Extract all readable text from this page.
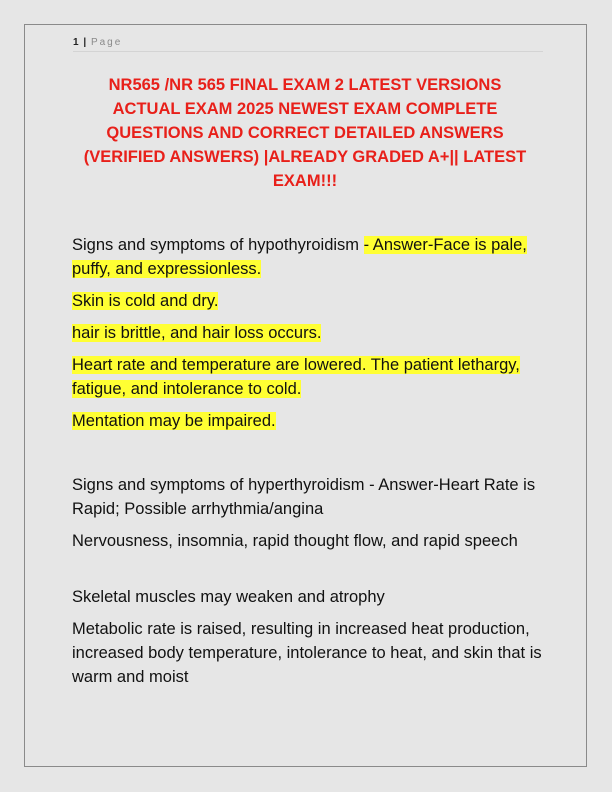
1 | Page
NR565 /NR 565 FINAL EXAM 2 LATEST VERSIONS ACTUAL EXAM 2025 NEWEST EXAM COMPLETE QUESTIONS AND CORRECT DETAILED ANSWERS (VERIFIED ANSWERS) |ALREADY GRADED A+|| LATEST EXAM!!!

Signs and symptoms of hypothyroidism - Answer-Face is pale, puffy, and expressionless.

Skin is cold and dry.

hair is brittle, and hair loss occurs.

Heart rate and temperature are lowered. The patient lethargy, fatigue, and intolerance to cold.

Mentation may be impaired.

Signs and symptoms of hyperthyroidism - Answer-Heart Rate is Rapid; Possible arrhythmia/angina

Nervousness, insomnia, rapid thought flow, and rapid speech

Skeletal muscles may weaken and atrophy

Metabolic rate is raised, resulting in increased heat production, increased body temperature, intolerance to heat, and skin that is warm and moist
